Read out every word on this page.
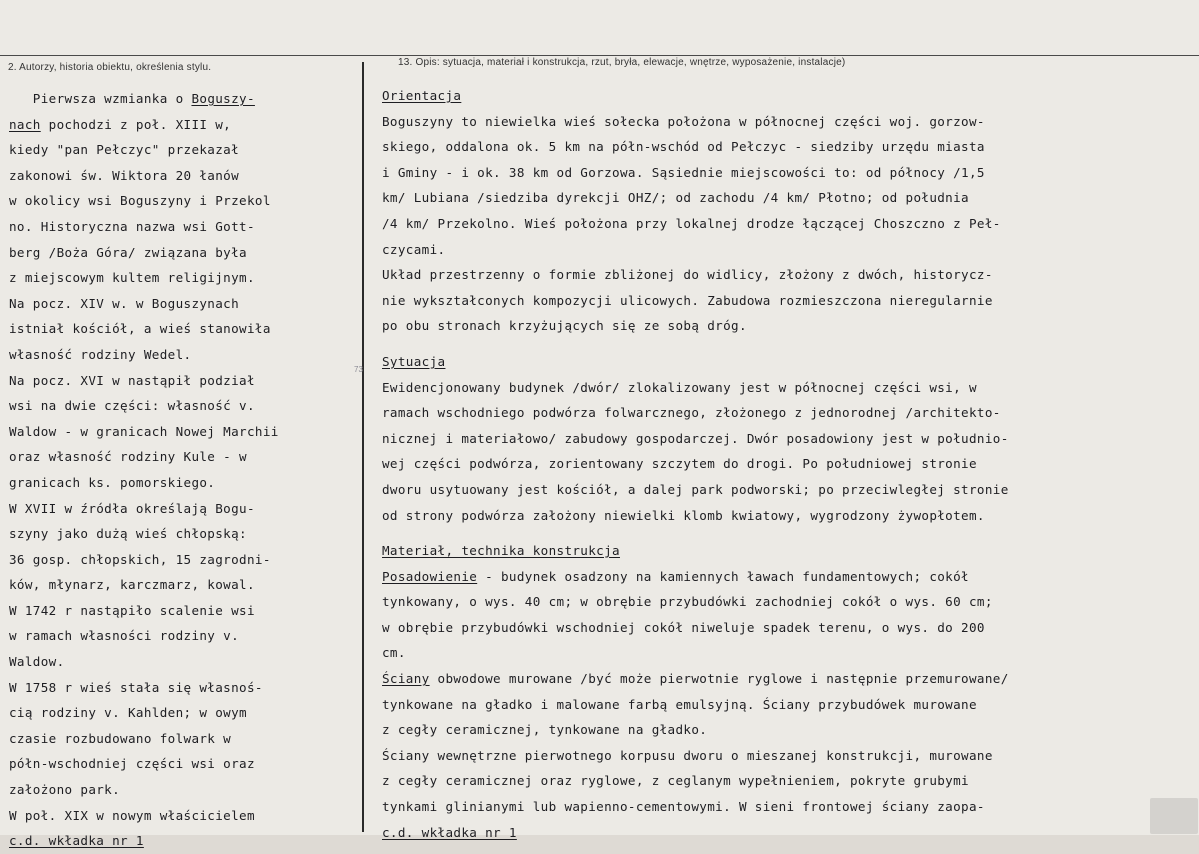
2. Autorzy, historia obiektu, określenia stylu.	13. Opis: sytuacja, materiał i konstrukcja, rzut, bryła, elewacje, wnętrze, wyposażenie, instalacje)
73
Pierwsza wzmianka o Boguszy-
nach pochodzi z poł. XIII w,
kiedy "pan Pełczyc" przekazał
zakonowi św. Wiktora 20 łanów
w okolicy wsi Boguszyny i Przekol
no. Historyczna nazwa wsi Gott-
berg /Boża Góra/ związana była
z miejscowym kultem religijnym.
Na pocz. XIV w. w Boguszynach
istniał kościół, a wieś stanowiła
własność rodziny Wedel.
Na pocz. XVI w nastąpił podział
wsi na dwie części: własność v.
Waldow - w granicach Nowej Marchii
oraz własność rodziny Kule - w
granicach ks. pomorskiego.
W XVII w źródła określają Bogu-
szyny jako dużą wieś chłopską:
36 gosp. chłopskich, 15 zagrodni-
ków, młynarz, karczmarz, kowal.
W 1742 r nastąpiło scalenie wsi
w ramach własności rodziny v.
Waldow.
W 1758 r wieś stała się własnoś-
cią rodziny v. Kahlden; w owym
czasie rozbudowano folwark w
półn-wschodniej części wsi oraz
założono park.
W poł. XIX w nowym właścicielem
c.d. wkładka nr 1
Orientacja
Boguszyny to niewielka wieś sołecka położona w północnej części woj. gorzow-
skiego, oddalona ok. 5 km na półn-wschód od Pełczyc - siedziby urzędu miasta
i Gminy - i ok. 38 km od Gorzowa. Sąsiednie miejscowości to: od północy /1,5
km/ Lubiana /siedziba dyrekcji OHZ/; od zachodu /4 km/ Płotno; od południa
/4 km/ Przekolno. Wieś położona przy lokalnej drodze łączącej Choszczno z Peł-
czycami.
Układ przestrzenny o formie zbliżonej do widlicy, złożony z dwóch, historycz-
nie wykształconych kompozycji ulicowych. Zabudowa rozmieszczona nieregularnie
po obu stronach krzyżujących się ze sobą dróg.
Sytuacja
Ewidencjonowany budynek /dwór/ zlokalizowany jest w północnej części wsi, w
ramach wschodniego podwórza folwarcznego, złożonego z jednorodnej /architekto-
nicznej i materiałowo/ zabudowy gospodarczej. Dwór posadowiony jest w południo-
wej części podwórza, zorientowany szczytem do drogi. Po południowej stronie
dworu usytuowany jest kościół, a dalej park podworski; po przeciwległej stronie
od strony podwórza założony niewielki klomb kwiatowy, wygrodzony żywopłotem.
Materiał, technika konstrukcja
Posadowienie - budynek osadzony na kamiennych ławach fundamentowych; cokół
tynkowany, o wys. 40 cm; w obrębie przybudówki zachodniej cokół o wys. 60 cm;
w obrębie przybudówki wschodniej cokół niweluje spadek terenu, o wys. do 200
cm.
Ściany obwodowe murowane /być może pierwotnie ryglowe i następnie przemurowane/
tynkowane na gładko i malowane farbą emulsyjną. Ściany przybudówek murowane
z cegły ceramicznej, tynkowane na gładko.
Ściany wewnętrzne pierwotnego korpusu dworu o mieszanej konstrukcji, murowane
z cegły ceramicznej oraz ryglowe, z ceglanym wypełnieniem, pokryte grubymi
tynkami glinianymi lub wapienno-cementowymi. W sieni frontowej ściany zaopa-
c.d. wkładka nr 1
